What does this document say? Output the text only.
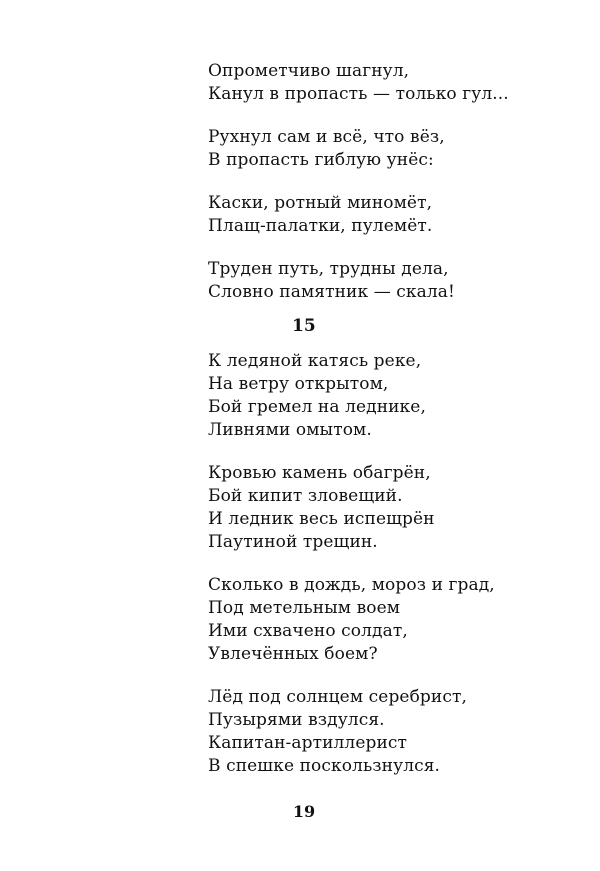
Опрометчиво шагнул,
Канул в пропасть — только гул...
Рухнул сам и всё, что вёз,
В пропасть гиблую унёс:
Каски, ротный миномёт,
Плащ-палатки, пулемёт.
Труден путь, трудны дела,
Словно памятник — скала!
15
К ледяной катясь реке,
На ветру открытом,
Бой гремел на леднике,
Ливнями омытом.
Кровью камень обагрён,
Бой кипит зловещий.
И ледник весь испещрён
Паутиной трещин.
Сколько в дождь, мороз и град,
Под метельным воем
Ими схвачено солдат,
Увлечённых боем?
Лёд под солнцем серебрист,
Пузырями вздулся.
Капитан-артиллерист
В спешке поскользнулся.
19
